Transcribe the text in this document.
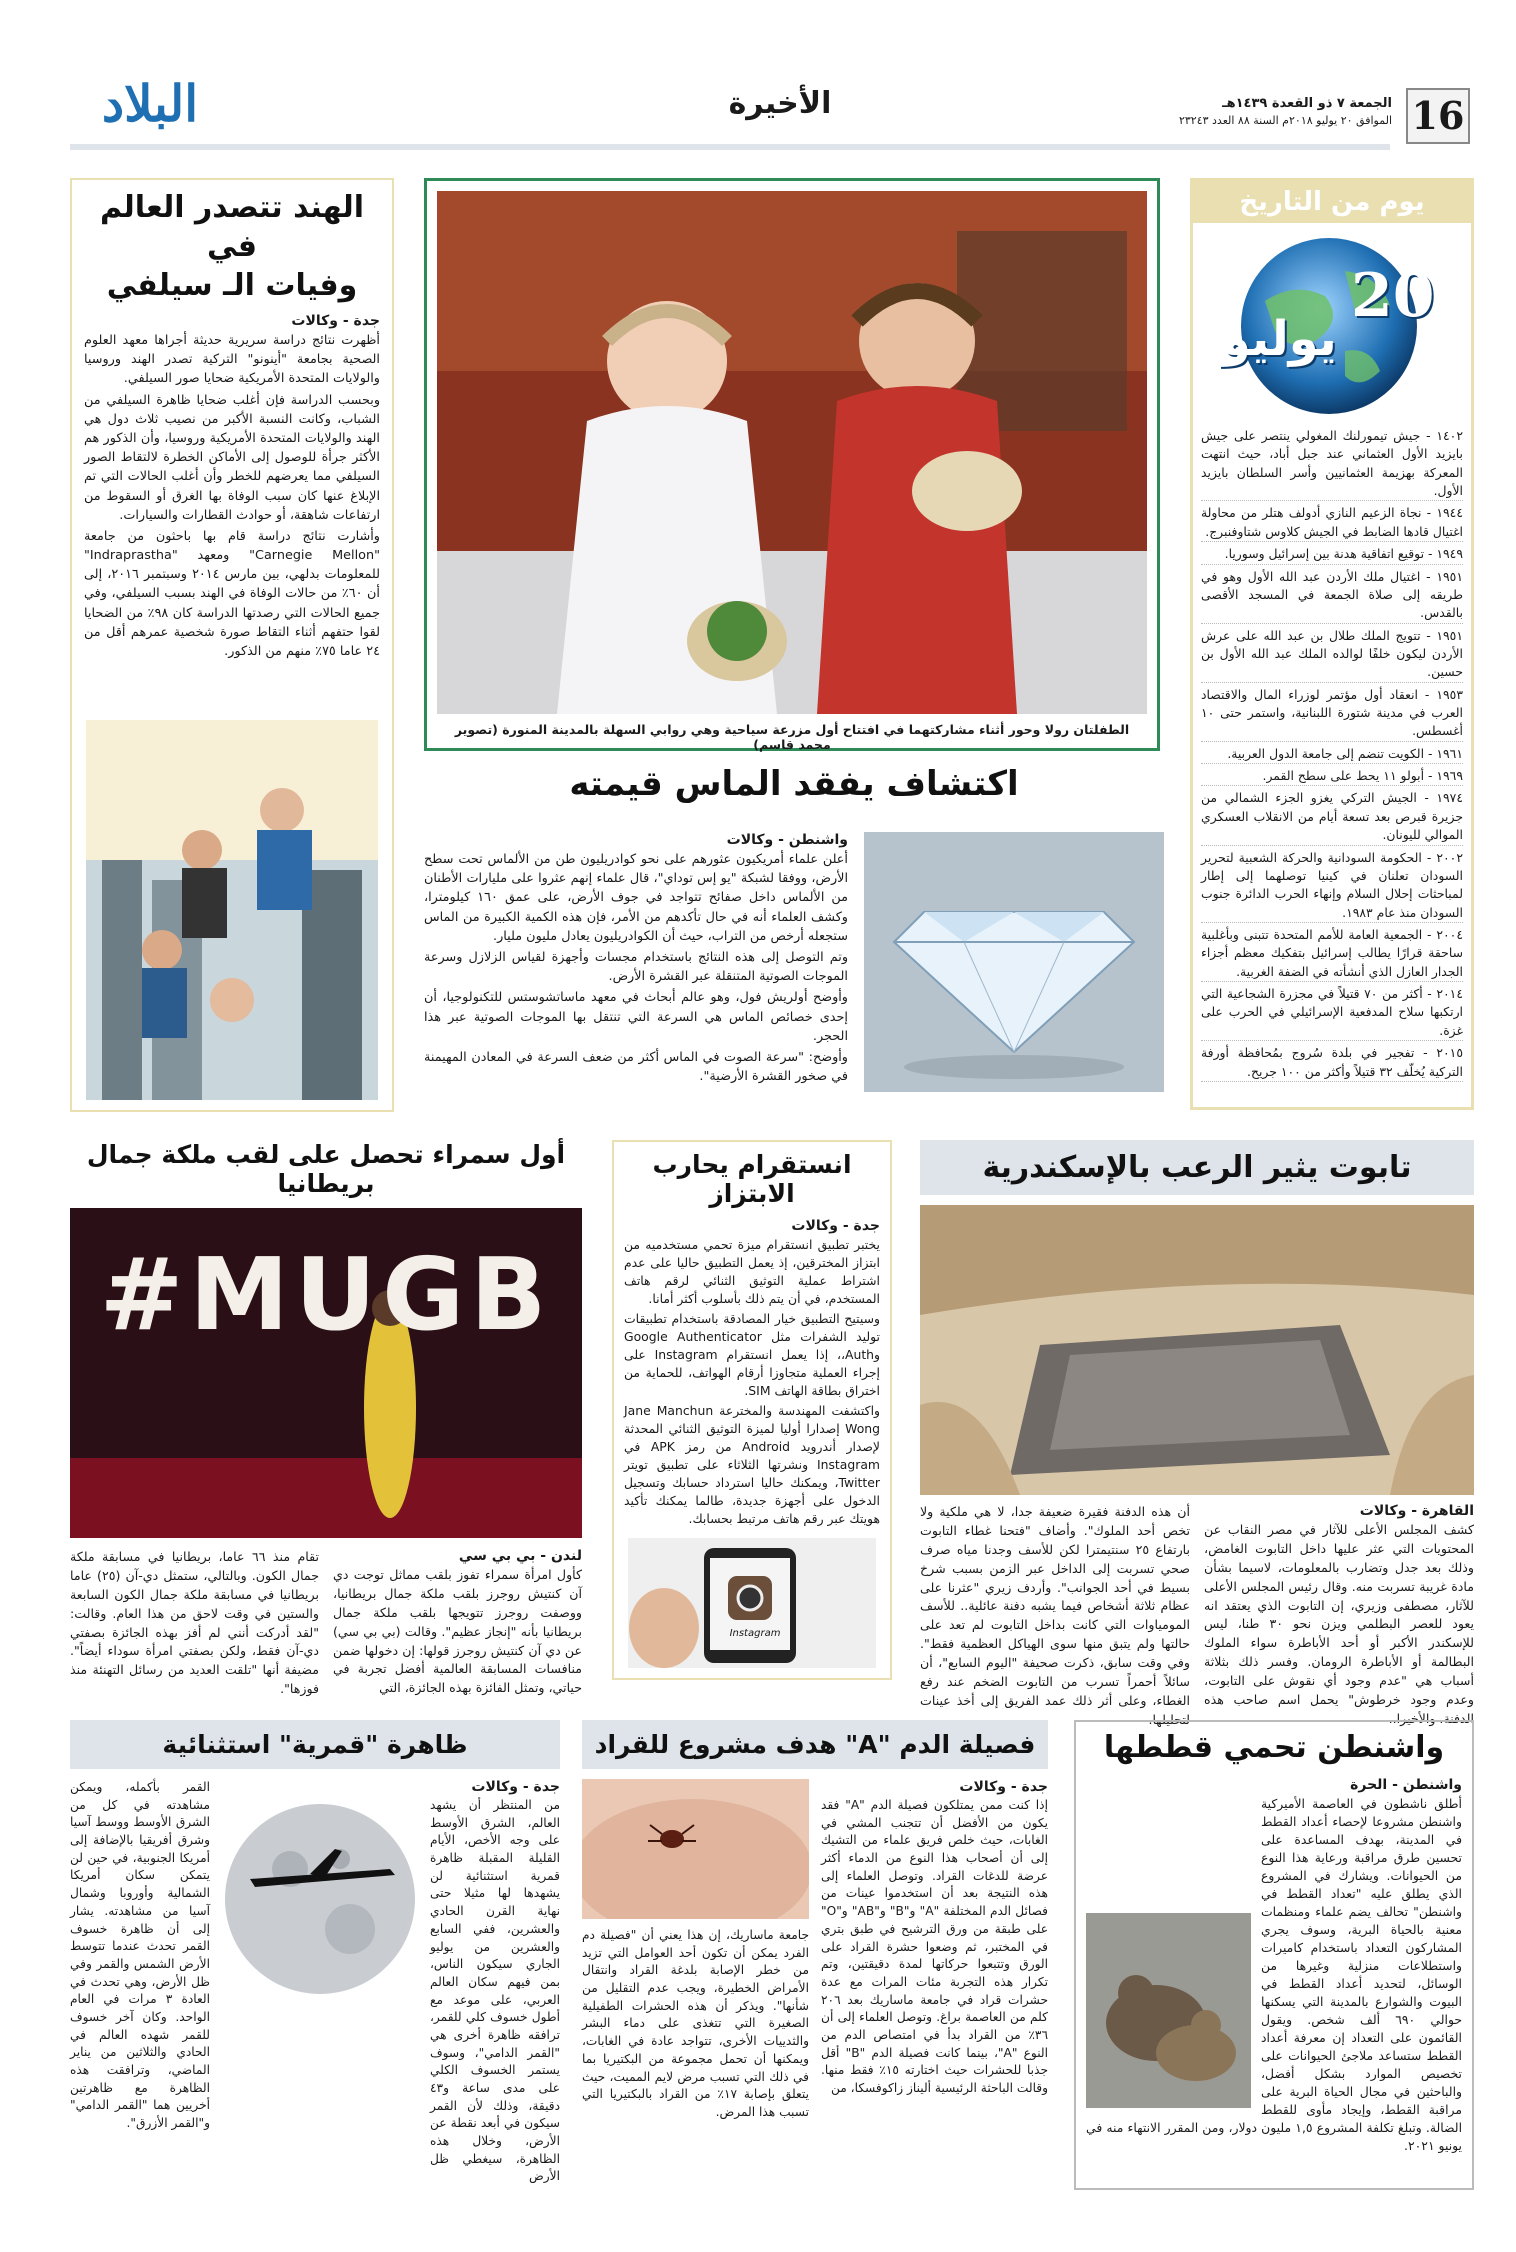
16
الجمعة ٧ ذو القعدة ١٤٣٩هـ
الموافق ٢٠ يوليو ٢٠١٨م السنة ٨٨ العدد ٢٣٢٤٣
الأخيرة
البلاد
يوم من التاريخ
20
يوليو

١٤٠٢ - جيش تيمورلنك المغولي ينتصر على جيش بايزيد الأول العثماني عند جبل أباد، حيث انتهت المعركة بهزيمة العثمانيين وأسر السلطان بايزيد الأول.

١٩٤٤ - نجاة الزعيم النازي أدولف هتلر من محاولة اغتيال قادها الضابط في الجيش كلاوس شتاوفنبرج.

١٩٤٩ - توقيع اتفاقية هدنة بين إسرائيل وسوريا.

١٩٥١ - اغتيال ملك الأردن عبد الله الأول وهو في طريقه إلى صلاة الجمعة في المسجد الأقصى بالقدس.

١٩٥١ - تتويج الملك طلال بن عبد الله على عرش الأردن ليكون خلفًا لوالده الملك عبد الله الأول بن حسين.

١٩٥٣ - انعقاد أول مؤتمر لوزراء المال والاقتصاد العرب في مدينة شتورة اللبنانية، واستمر حتى ١٠ أغسطس.

١٩٦١ - الكويت تنضم إلى جامعة الدول العربية.

١٩٦٩ - أبولو ١١ يحط على سطح القمر.

١٩٧٤ - الجيش التركي يغزو الجزء الشمالي من جزيرة قبرص بعد تسعة أيام من الانقلاب العسكري الموالي لليونان.

٢٠٠٢ - الحكومة السودانية والحركة الشعبية لتحرير السودان تعلنان في كينيا توصلهما إلى إطار لمباحثات إحلال السلام وإنهاء الحرب الدائرة جنوب السودان منذ عام ١٩٨٣.

٢٠٠٤ - الجمعية العامة للأمم المتحدة تتبنى وبأغلبية ساحقة قرارًا يطالب إسرائيل بتفكيك معظم أجزاء الجدار العازل الذي أنشأته في الضفة الغربية.

٢٠١٤ - أكثر من ٧٠ قتيلاً في مجزرة الشجاعية التي ارتكبها سلاح المدفعية الإسرائيلي في الحرب على غزة.

٢٠١٥ - تفجير في بلدة سُروج بمُحافظة أورفة التركية يُخلّف ٣٢ قتيلاً وأكثر من ١٠٠ جريح.

الطفلتان رولا وحور أثناء مشاركتهما في افتتاح أول مزرعة سياحية وهي روابي السهلة بالمدينة المنورة (تصوير محمد قاسم)
الهند تتصدر العالم في
وفيات الـ سيلفي
جدة - وكالات

أظهرت نتائج دراسة سريرية حديثة أجراها معهد العلوم الصحية بجامعة "أينونو" التركية تصدر الهند وروسيا والولايات المتحدة الأمريكية ضحايا صور السيلفي.

وبحسب الدراسة فإن أغلب ضحايا ظاهرة السيلفي من الشباب، وكانت النسبة الأكبر من نصيب ثلاث دول هي الهند والولايات المتحدة الأمريكية وروسيا، وأن الذكور هم الأكثر جرأة للوصول إلى الأماكن الخطرة لالتقاط الصور السيلفي مما يعرضهم للخطر وأن أغلب الحالات التي تم الإبلاغ عنها كان سبب الوفاة بها الغرق أو السقوط من ارتفاعات شاهقة، أو حوادث القطارات والسيارات.

وأشارت نتائج دراسة قام بها باحثون من جامعة "Carnegie Mellon" ومعهد "Indraprastha" للمعلومات بدلهي، بين مارس ٢٠١٤ وسبتمبر ٢٠١٦، إلى أن ٦٠٪ من حالات الوفاة في الهند بسبب السيلفي، وفي جميع الحالات التي رصدتها الدراسة كان ٩٨٪ من الضحايا لقوا حتفهم أثناء التقاط صورة شخصية عمرهم أقل من ٢٤ عاما ٧٥٪ منهم من الذكور.

اكتشاف يفقد الماس قيمته
واشنطن - وكالات

أعلن علماء أمريكيون عثورهم على نحو كوادريليون طن من الألماس تحت سطح الأرض، ووفقا لشبكة "يو إس توداي"، قال علماء إنهم عثروا على مليارات الأطنان من الألماس داخل صفائح تتواجد في جوف الأرض، على عمق ١٦٠ كيلومترا، وكشف العلماء أنه في حال تأكدهم من الأمر، فإن هذه الكمية الكبيرة من الماس ستجعله أرخص من التراب، حيث أن الكوادريليون يعادل مليون مليار.

وتم التوصل إلى هذه النتائج باستخدام مجسات وأجهزة لقياس الزلازل وسرعة الموجات الصوتية المتنقلة عبر القشرة الأرض.

وأوضح أولريش فول، وهو عالم أبحاث في معهد ماساتشوستس للتكنولوجيا، أن إحدى خصائص الماس هي السرعة التي تنتقل بها الموجات الصوتية عبر هذا الحجر.

وأوضح: "سرعة الصوت في الماس أكثر من ضعف السرعة في المعادن المهيمنة في صخور القشرة الأرضية".

تابوت يثير الرعب بالإسكندرية
القاهرة - وكالات
كشف المجلس الأعلى للآثار في مصر النقاب عن المحتويات التي عثر عليها داخل التابوت الغامض، وذلك بعد جدل وتضارب بالمعلومات، لاسيما بشأن مادة غريبة تسربت منه. وقال رئيس المجلس الأعلى للآثار، مصطفى وزيري، إن التابوت الذي يعتقد انه يعود للعصر البطلمي ويزن نحو ٣٠ طنا، ليس للإسكندر الأكبر أو أحد الأباطرة سواء الملوك البطالمة أو الأباطرة الرومان. وفسر ذلك بثلاثة أسباب هي "عدم وجود أي نقوش على التابوت، وعدم وجود خرطوش" يحمل اسم صاحب هذه الدفنة، والأخيرا..
أن هذه الدفنة فقيرة ضعيفة جدا، لا هي ملكية ولا تخص أحد الملوك". وأضاف "فتحنا غطاء التابوت بارتفاع ٢٥ سنتيمترا لكن للأسف وجدنا مياه صرف صحي تسربت إلى الداخل عبر الزمن بسبب شرخ بسيط في أحد الجوانب". وأردف زيري "عثرنا على عظام ثلاثة أشخاص فيما يشبه دفنة عائلية.. للأسف المومياوات التي كانت بداخل التابوت لم تعد على حالتها ولم يتبق منها سوى الهياكل العظمية فقط". وفي وقت سابق، ذكرت صحيفة "اليوم السابع"، أن سائلاً أحمراً تسرب من التابوت الضخم عند رفع الغطاء، وعلى أثر ذلك عمد الفريق إلى أخذ عينات لتحليلها.
انستقرام يحارب الابتزاز
جدة - وكالات

يختبر تطبيق انستقرام ميزة تحمي مستخدميه من ابتزاز المخترقين، إذ يعمل التطبيق حاليا على عدم اشتراط عملية التوثيق الثنائي لرقم هاتف المستخدم، في أن يتم ذلك بأسلوب أكثر أمانا.

وسيتيح التطبيق خيار المصادقة باستخدام تطبيقات توليد الشفرات مثل Google Authenticator وAuth،، إذا يعمل انستقرام Instagram على إجراء العملية متجاوزا أرقام الهواتف، للحماية من اختراق بطاقة الهاتف SIM.

واكتشفت المهندسة والمخترعة Jane Manchun Wong إصدارا أوليا لميزة التوثيق الثنائي المحدثة لإصدار أندرويد Android من رمز APK في Instagram ونشرتها الثلاثاء على تطبيق تويتر Twitter، ويمكنك حاليا استرداد حسابك وتسجيل الدخول على أجهزة جديدة، طالما يمكنك تأكيد هويتك عبر رقم هاتف مرتبط بحسابك.

Instagram
أول سمراء تحصل على لقب ملكة جمال بريطانيا
#MUGB
لندن - بي بي سي
كأول امرأة سمراء تفوز بلقب مماثل توجت دي آن كنتيش روجرز بلقب ملكة جمال بريطانيا، ووصفت روجرز تتويجها بلقب ملكة جمال بريطانيا بأنه "إنجاز عظيم". وقالت (بي بي سي) عن دي آن كنتيش روجرز قولها: إن دخولها ضمن منافسات المسابقة العالمية أفضل تجربة في حياتي، وتمثل الفائزة بهذه الجائزة، التي
تقام منذ ٦٦ عاما، بريطانيا في مسابقة ملكة جمال الكون. وبالتالي، ستمثل دي-آن (٢٥) عاما بريطانيا في مسابقة ملكة جمال الكون السابعة والستين في وقت لاحق من هذا العام. وقالت: "لقد أدركت أنني لم أفز بهذه الجائزة بصفتي دي-آن فقط، ولكن بصفتي امرأة سوداء أيضاً". مضيفة أنها "تلقت العديد من رسائل التهنئة منذ فوزها".
واشنطن تحمي قططها
واشنطن - الحرة
أطلق ناشطون في العاصمة الأميركية واشنطن مشروعا لإحصاء أعداد القطط في المدينة، بهدف المساعدة على تحسين طرق مراقبة ورعاية هذا النوع من الحيوانات. ويشارك في المشروع الذي يطلق عليه "تعداد القطط في واشنطن" تحالف يضم علماء ومنظمات معنية بالحياة البرية، وسوف يجري المشاركون التعداد باستخدام كاميرات واستطلاعات منزلية وغيرها من الوسائل، لتحديد أعداد القطط في البيوت والشوارع بالمدينة التي يسكنها حوالي ٦٩٠ ألف شخص. ويقول القائمون على التعداد إن معرفة أعداد القطط ستساعد ملاجئ الحيوانات على تخصيص الموارد بشكل أفضل، والباحثين في مجال الحياة البرية على مراقبة القطط، وإيجاد مأوى للقطط الضالة. وتبلغ تكلفة المشروع ١,٥ مليون دولار، ومن المقرر الانتهاء منه في يونيو ٢٠٢١.
فصيلة الدم "A" هدف مشروع للقراد
جدة - وكالات
إذا كنت ممن يمتلكون فصيلة الدم "A" فقد يكون من الأفضل أن تتجنب المشي في الغابات، حيث خلص فريق علماء من التشيك إلى أن أصحاب هذا النوع من الدماء أكثر عرضة للدغات القراد. وتوصل العلماء إلى هذه النتيجة بعد أن استخدموا عينات من فصائل الدم المختلفة "A" و"B" و"AB" و"O" على طبقة من ورق الترشيح في طبق بتري في المختبر، ثم وضعوا حشرة القراد على الورق وتتبعوا حركاتها لمدة دقيقتين، وتم تكرار هذه التجربة مئات المرات مع عدة حشرات قراد في جامعة ماساريك بعد ٢٠٦ كلم من العاصمة براغ. وتوصل العلماء إلى أن ٣٦٪ من القراد بدأ في امتصاص الدم من النوع "A"، بينما كانت فصيلة الدم "B" أقل جذبا للحشرات حيث اختارته ١٥٪ فقط منها. وقالت الباحثة الرئيسية أليناز زاكوفسكا، من
جامعة ماساريك، إن هذا يعني أن "فصيلة دم الفرد يمكن أن تكون أحد العوامل التي تزيد من خطر الإصابة بلدغة القراد وانتقال الأمراض الخطيرة، ويجب عدم التقليل من شأنها". ويذكر أن هذه الحشرات الطفيلية الصغيرة التي تتغذى على دماء البشر والثدييات الأخرى، تتواجد عادة في الغابات، ويمكنها أن تحمل مجموعة من البكتيريا بما في ذلك التي تسبب مرض لايم المميت، حيث يتعلق بإصابة ١٧٪ من القراد بالبكتيريا التي تسبب هذا المرض.
ظاهرة "قمرية" استثنائية
جدة - وكالات
من المنتظر أن يشهد العالم، الشرق الأوسط على وجه الأخص، الأيام القليلة المقبلة ظاهرة قمرية استثنائية لن يشهدها لها مثيلا حتى نهاية القرن الحادي والعشرين، ففي السابع والعشرين من يوليو الجاري سيكون الناس، بمن فيهم سكان العالم العربي، على موعد مع أطول خسوف كلي للقمر، ترافقه ظاهرة أخرى هي "القمر الدامي"، وسوف يستمر الخسوف الكلي على مدى ساعة و٤٣ دقيقة، وذلك لأن القمر سيكون في أبعد نقطة عن الأرض، وخلال هذه الظاهرة، سيغطي ظل الأرض
القمر بأكمله، ويمكن مشاهدته في كل من الشرق الأوسط ووسط آسيا وشرق أفريقيا بالإضافة إلى أمريكا الجنوبية، في حين لن يتمكن سكان أمريكا الشمالية وأوروبا وشمال آسيا من مشاهدته. يشار إلى أن ظاهرة خسوف القمر تحدث عندما تتوسط الأرض الشمس والقمر وفي ظل الأرض، وهي تحدث في العادة ٣ مرات في العام الواحد. وكان آخر خسوف للقمر شهده العالم في الحادي والثلاثين من يناير الماضي، وترافقت هذه الظاهرة مع ظاهرتين أخريين هما "القمر الدامي" و"القمر الأزرق".
